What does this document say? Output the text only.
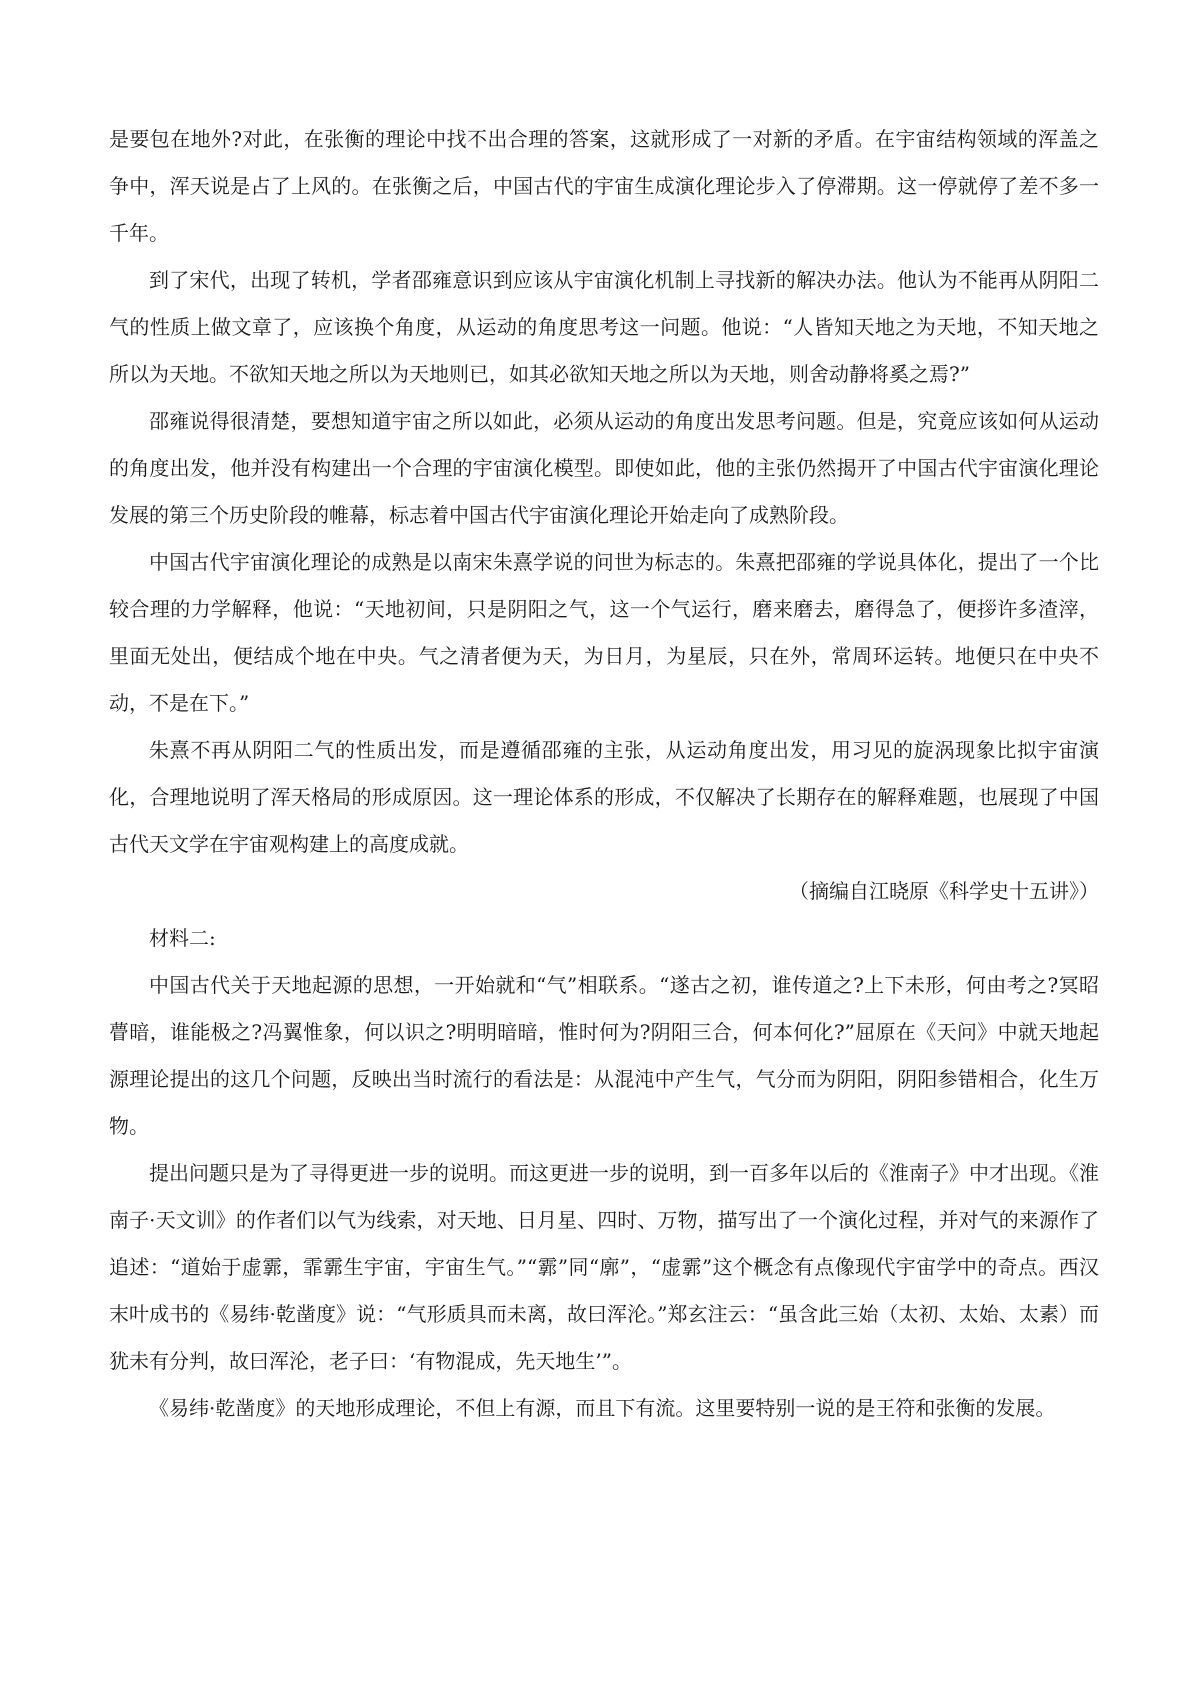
是要包在地外?对此，在张衡的理论中找不出合理的答案，这就形成了一对新的矛盾。在宇宙结构领域的浑盖之争中，浑天说是占了上风的。在张衡之后，中国古代的宇宙生成演化理论步入了停滞期。这一停就停了差不多一千年。

到了宋代，出现了转机，学者邵雍意识到应该从宇宙演化机制上寻找新的解决办法。他认为不能再从阴阳二气的性质上做文章了，应该换个角度，从运动的角度思考这一问题。他说：“人皆知天地之为天地，不知天地之所以为天地。不欲知天地之所以为天地则已，如其必欲知天地之所以为天地，则舍动静将奚之焉?”

邵雍说得很清楚，要想知道宇宙之所以如此，必须从运动的角度出发思考问题。但是，究竟应该如何从运动的角度出发，他并没有构建出一个合理的宇宙演化模型。即使如此，他的主张仍然揭开了中国古代宇宙演化理论发展的第三个历史阶段的帷幕，标志着中国古代宇宙演化理论开始走向了成熟阶段。

中国古代宇宙演化理论的成熟是以南宋朱熹学说的问世为标志的。朱熹把邵雍的学说具体化，提出了一个比较合理的力学解释，他说：“天地初间，只是阴阳之气，这一个气运行，磨来磨去，磨得急了，便拶许多渣滓，里面无处出，便结成个地在中央。气之清者便为天，为日月，为星辰，只在外，常周环运转。地便只在中央不动，不是在下。”

朱熹不再从阴阳二气的性质出发，而是遵循邵雍的主张，从运动角度出发，用习见的旋涡现象比拟宇宙演化，合理地说明了浑天格局的形成原因。这一理论体系的形成，不仅解决了长期存在的解释难题，也展现了中国古代天文学在宇宙观构建上的高度成就。

（摘编自江晓原《科学史十五讲》）

材料二:

中国古代关于天地起源的思想，一开始就和“气”相联系。“遂古之初，谁传道之?上下未形，何由考之?冥昭瞢暗，谁能极之?冯翼惟象，何以识之?明明暗暗，惟时何为?阴阳三合，何本何化?”屈原在《天问》中就天地起源理论提出的这几个问题，反映出当时流行的看法是：从混沌中产生气，气分而为阴阳，阴阳参错相合，化生万物。

提出问题只是为了寻得更进一步的说明。而这更进一步的说明，到一百多年以后的《淮南子》中才出现。《淮南子·天文训》的作者们以气为线索，对天地、日月星、四时、万物，描写出了一个演化过程，并对气的来源作了追述：“道始于虚霩，霏霩生宇宙，宇宙生气。”“霩”同“廓”，“虚霩”这个概念有点像现代宇宙学中的奇点。西汉末叶成书的《易纬·乾凿度》说：“气形质具而未离，故曰浑沦。”郑玄注云：“虽含此三始（太初、太始、太素）而犹未有分判，故曰浑沦，老子曰：‘有物混成，先天地生’”。

《易纬·乾凿度》的天地形成理论，不但上有源，而且下有流。这里要特别一说的是王符和张衡的发展。
